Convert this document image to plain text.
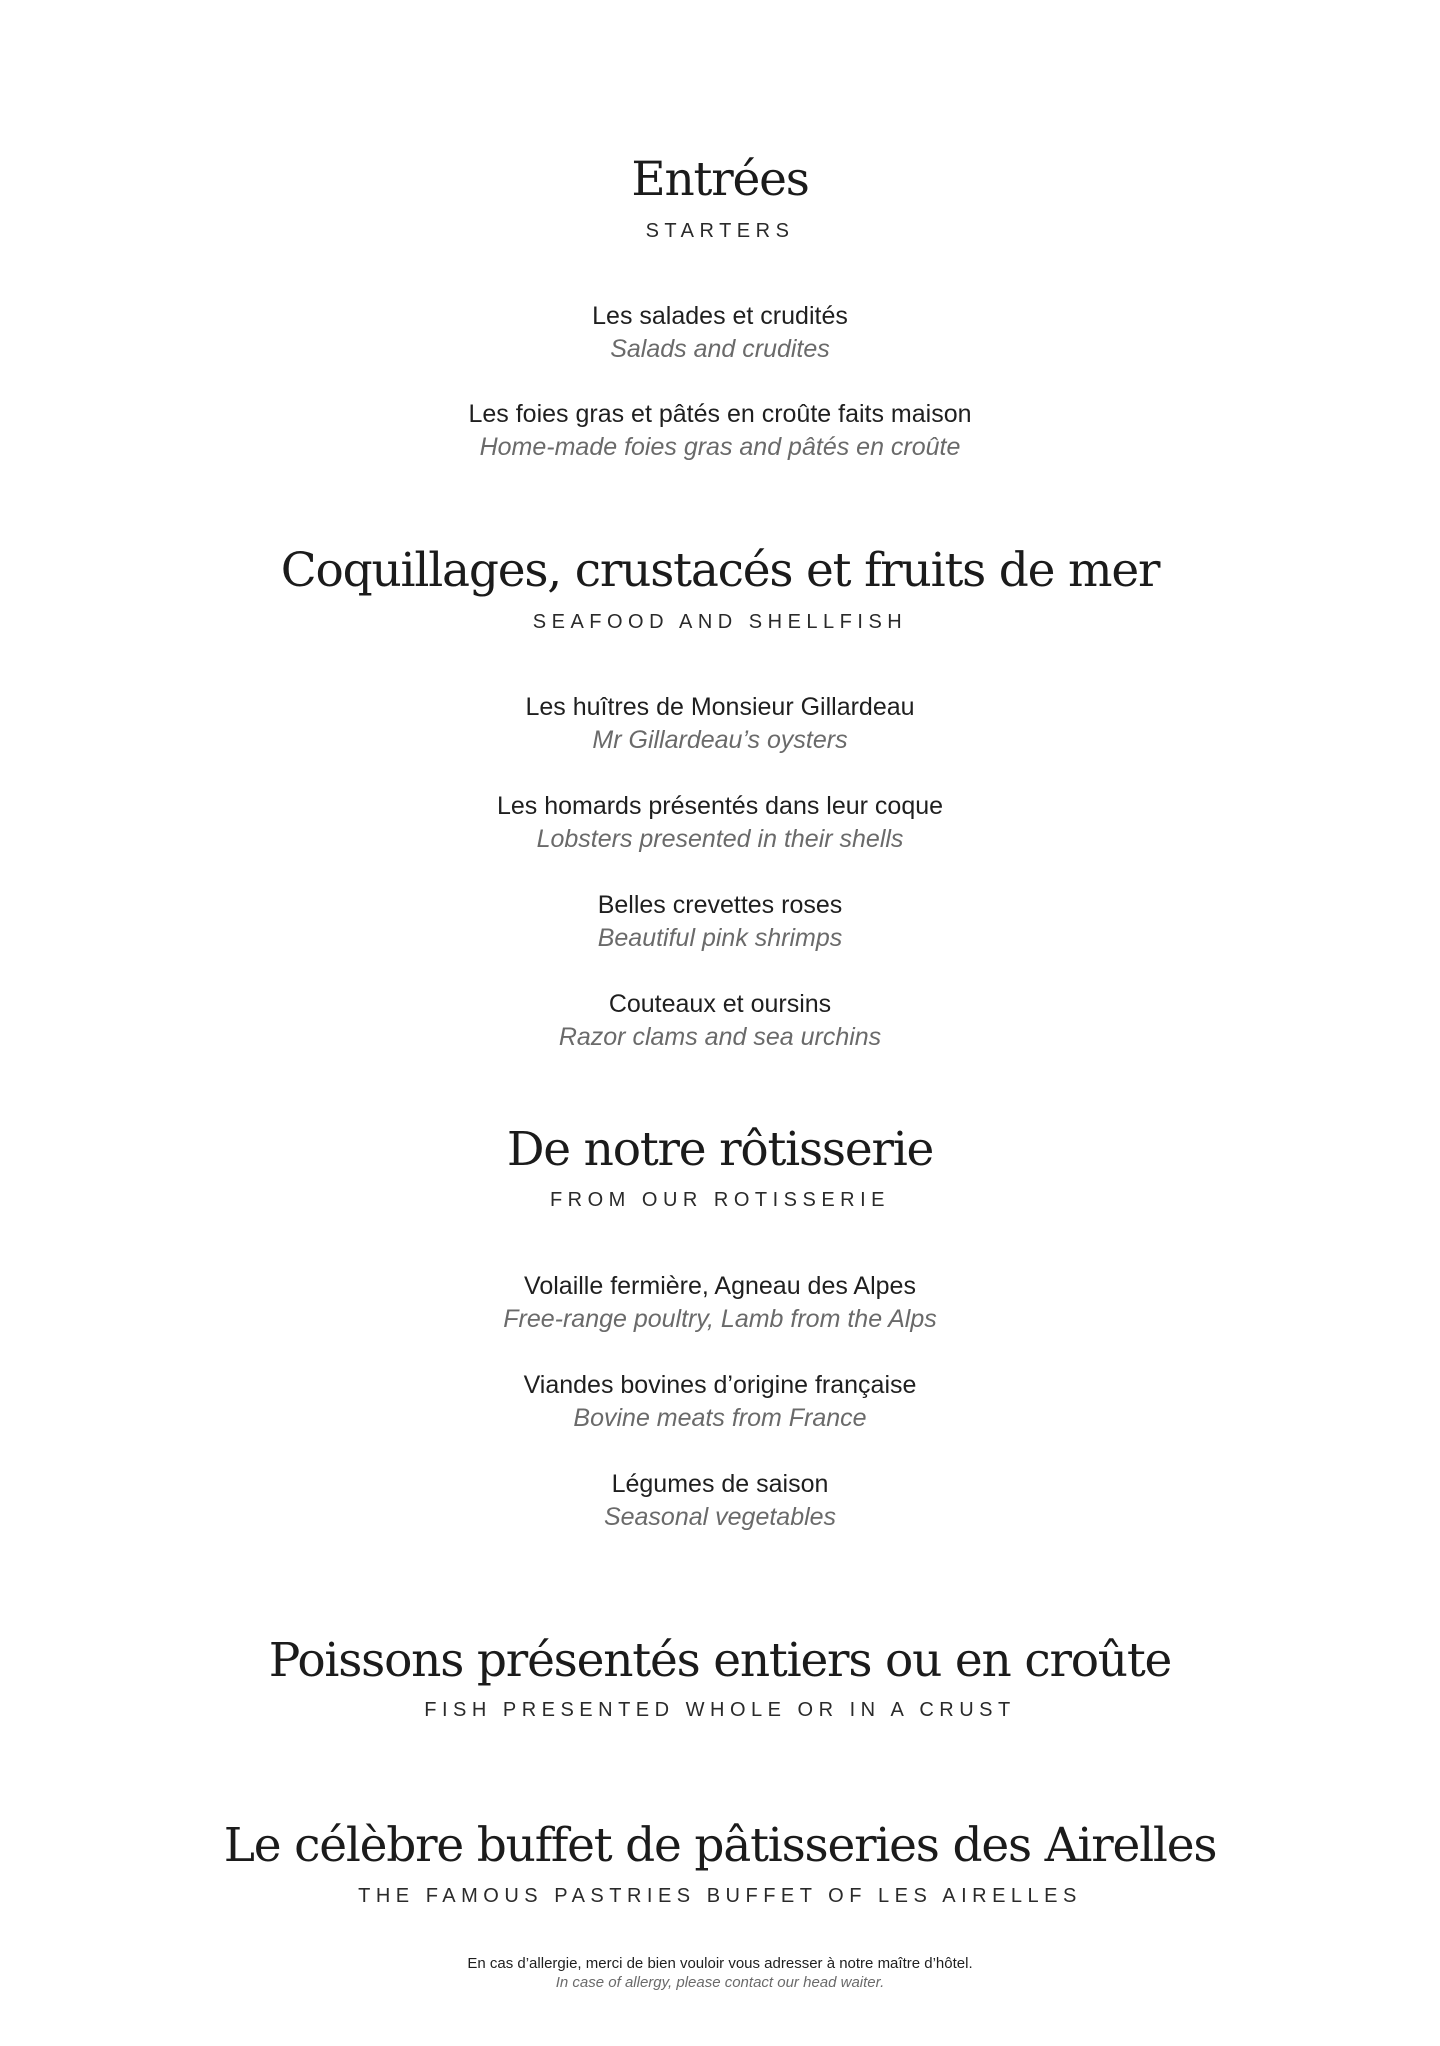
Entrées
STARTERS
Les salades et crudités
Salads and crudites
Les foies gras et pâtés en croûte faits maison
Home-made foies gras and pâtés en croûte
Coquillages, crustacés et fruits de mer
SEAFOOD AND SHELLFISH
Les huîtres de Monsieur Gillardeau
Mr Gillardeau’s oysters
Les homards présentés dans leur coque
Lobsters presented in their shells
Belles crevettes roses
Beautiful pink shrimps
Couteaux et oursins
Razor clams and sea urchins
De notre rôtisserie
FROM OUR ROTISSERIE
Volaille fermière, Agneau des Alpes
Free-range poultry, Lamb from the Alps
Viandes bovines d’origine française
Bovine meats from France
Légumes de saison
Seasonal vegetables
Poissons présentés entiers ou en croûte
FISH PRESENTED WHOLE OR IN A CRUST
Le célèbre buffet de pâtisseries des Airelles
THE FAMOUS PASTRIES BUFFET OF LES AIRELLES
En cas d’allergie, merci de bien vouloir vous adresser à notre maître d’hôtel.
In case of allergy, please contact our head waiter.
